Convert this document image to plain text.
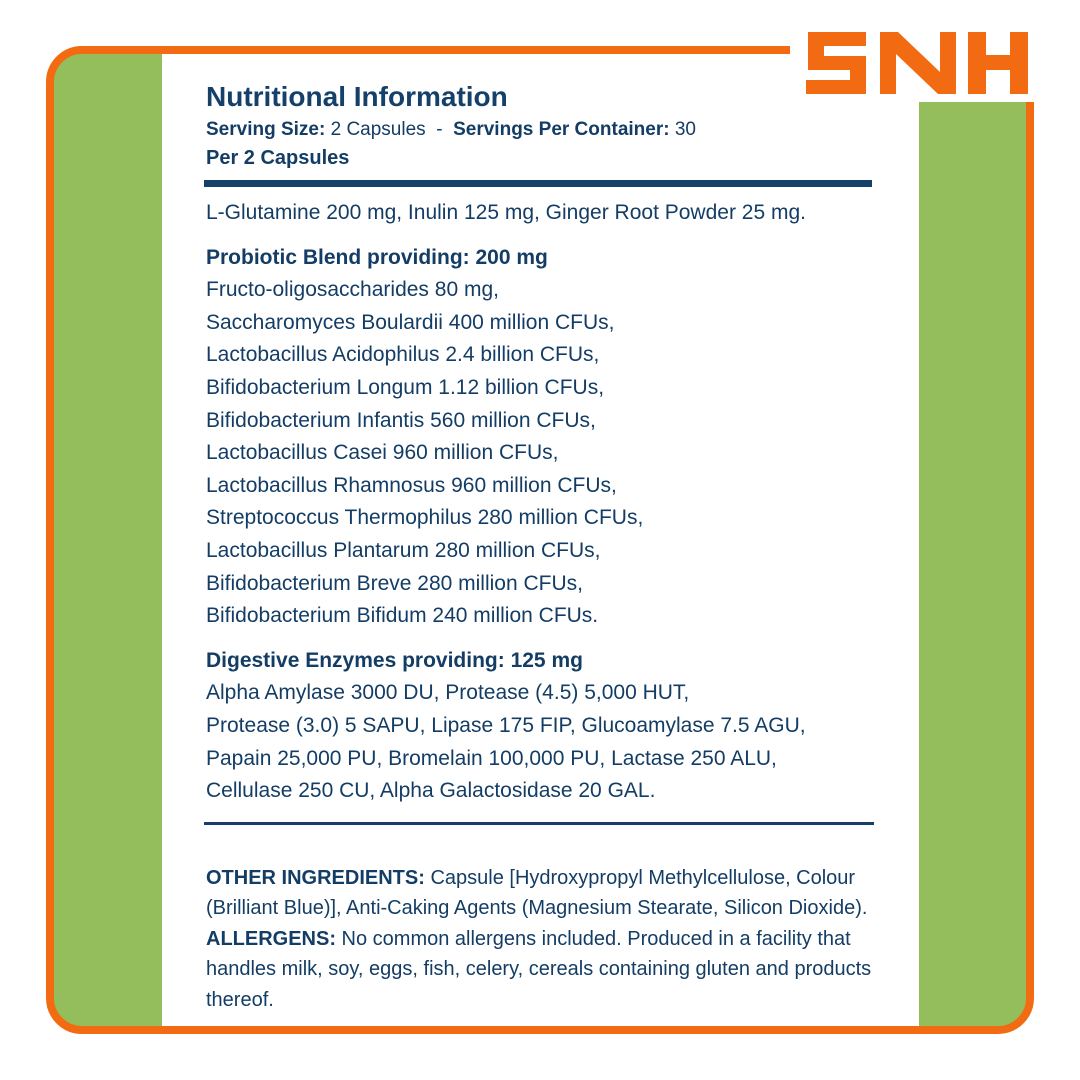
Nutritional Information

Serving Size: 2 Capsules  -  Servings Per Container: 30

Per 2 Capsules

L-Glutamine 200 mg, Inulin 125 mg, Ginger Root Powder 25 mg.

Probiotic Blend providing: 200 mg

Fructo-oligosaccharides 80 mg,

Saccharomyces Boulardii 400 million CFUs,

Lactobacillus Acidophilus 2.4 billion CFUs,

Bifidobacterium Longum 1.12 billion CFUs,

Bifidobacterium Infantis 560 million CFUs,

Lactobacillus Casei 960 million CFUs,

Lactobacillus Rhamnosus 960 million CFUs,

Streptococcus Thermophilus 280 million CFUs,

Lactobacillus Plantarum 280 million CFUs,

Bifidobacterium Breve 280 million CFUs,

Bifidobacterium Bifidum 240 million CFUs.

Digestive Enzymes providing: 125 mg

Alpha Amylase 3000 DU, Protease (4.5) 5,000 HUT,

Protease (3.0) 5 SAPU, Lipase 175 FIP, Glucoamylase 7.5 AGU,

Papain 25,000 PU, Bromelain 100,000 PU, Lactase 250 ALU,

Cellulase 250 CU, Alpha Galactosidase 20 GAL.

OTHER INGREDIENTS: Capsule [Hydroxypropyl Methylcellulose, Colour (Brilliant Blue)], Anti-Caking Agents (Magnesium Stearate, Silicon Dioxide).  ALLERGENS: No common allergens included. Produced in a facility that handles milk, soy, eggs, fish, celery, cereals containing gluten and products thereof.
